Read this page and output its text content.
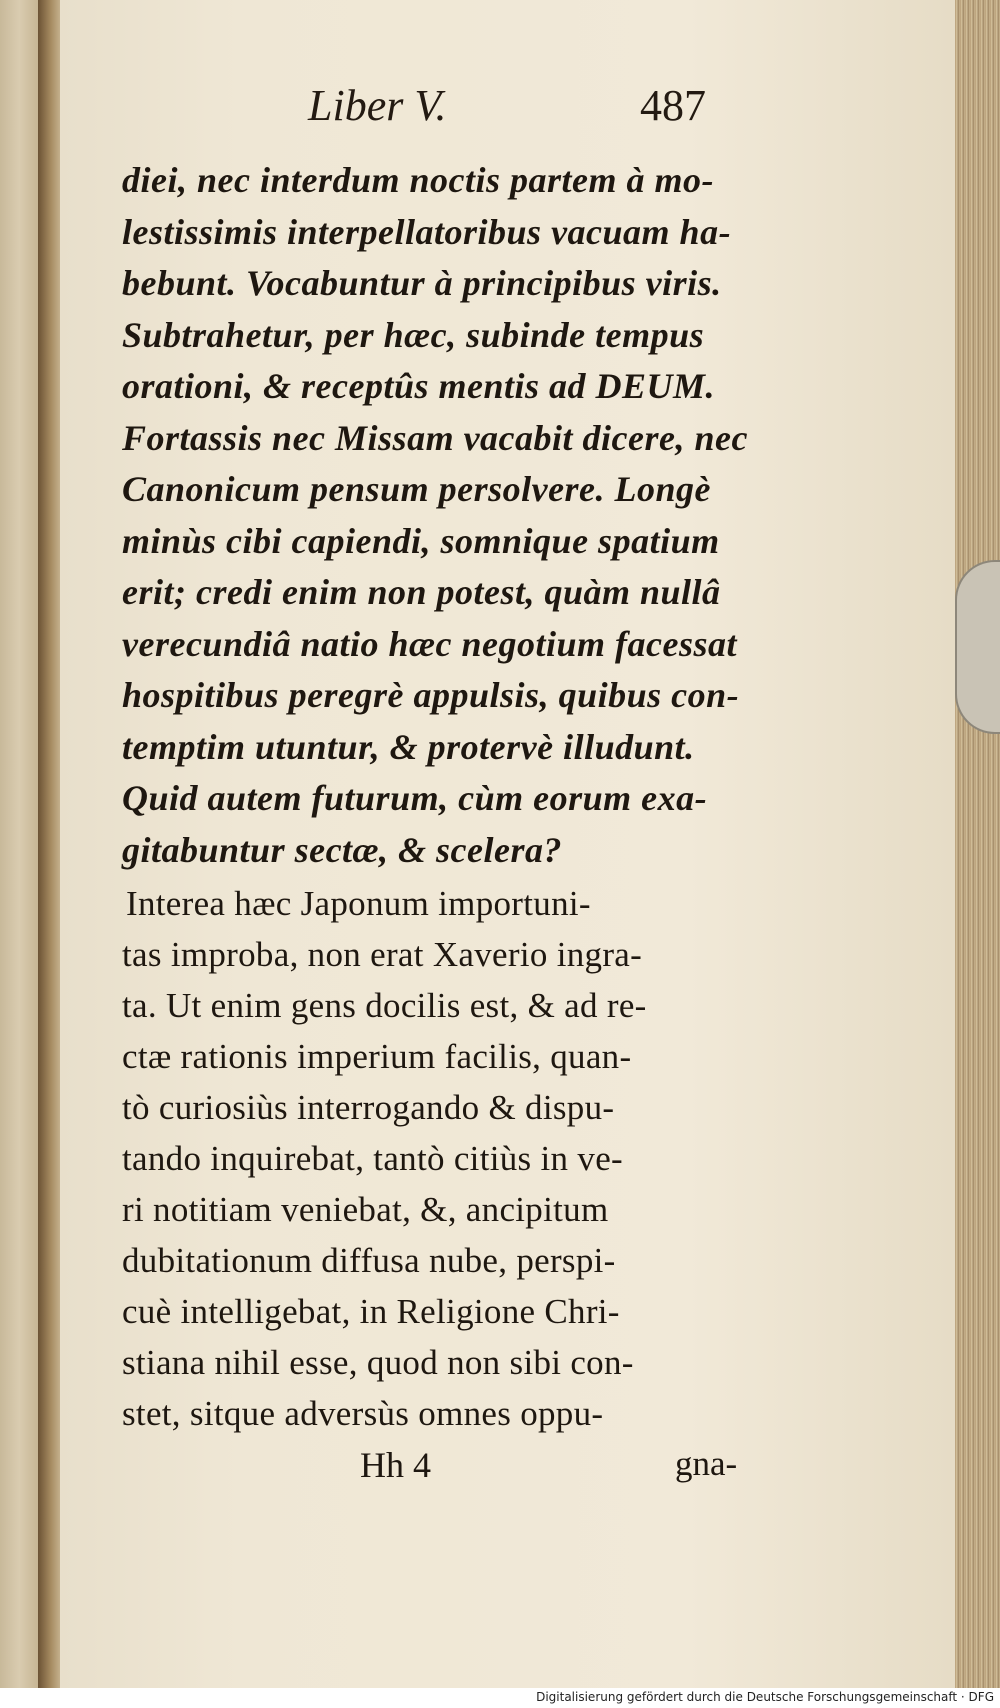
Liber V.	487
diei, nec interdum noctis partem à mo-
lestissimis interpellatoribus vacuam ha-
bebunt. Vocabuntur à principibus viris.
Subtrahetur, per hæc, subinde tempus
orationi, & receptûs mentis ad DEUM.
Fortassis nec Missam vacabit dicere, nec
Canonicum pensum persolvere. Longè
minùs cibi capiendi, somnique spatium
erit; credi enim non potest, quàm nullâ
verecundiâ natio hæc negotium facessat
hospitibus peregrè appulsis, quibus con-
temptim utuntur, & protervè illudunt.
Quid autem futurum, cùm eorum exa-
gitabuntur sectæ, & scelera?
Interea hæc Japonum importuni-
tas improba, non erat Xaverio ingra-
ta. Ut enim gens docilis est, & ad re-
ctæ rationis imperium facilis, quan-
tò curiosiùs interrogando & dispu-
tando inquirebat, tantò citiùs in ve-
ri notitiam veniebat, &, ancipitum
dubitationum diffusa nube, perspi-
cuè intelligebat, in Religione Chri-
stiana nihil esse, quod non sibi con-
stet, sitque adversùs omnes oppu-
Hh 4	gna-
Digitalisierung gefördert durch die Deutsche Forschungsgemeinschaft · DFG
